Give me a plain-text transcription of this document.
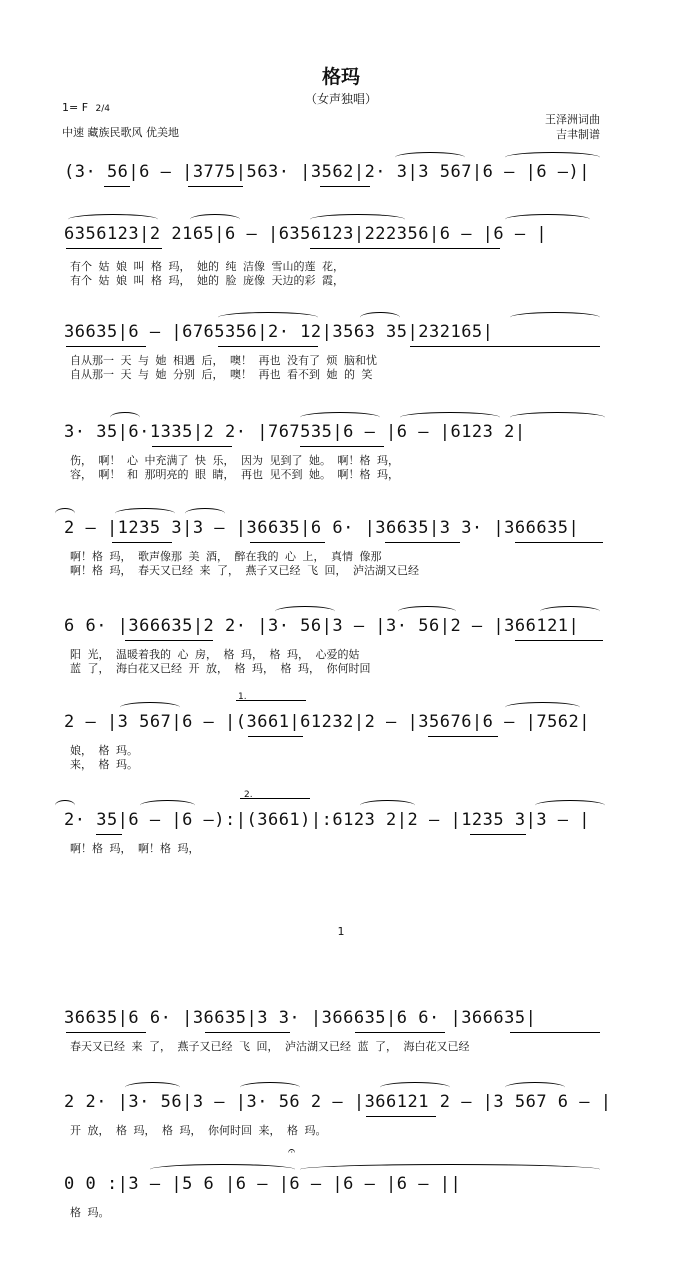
格玛
（女声独唱）
1= F 2/4
中速 藏族民歌风 优美地
王泽洲词曲
吉聿制谱
(3· 56|6 — |3775|563· |3562|2· 3|3 567|6 — |6 —)|
6356123|2 2165|6 — |6356123|222356|6 — |6 — |
有个 姑 娘 叫 格 玛， 她的 纯 洁像 雪山的莲 花，
有个 姑 娘 叫 格 玛， 她的 脸 庞像 天边的彩 霞，
36635|6 — |6765356|2· 12|3563 35|232165|
自从那一 天 与 她 相遇 后， 噢！ 再也 没有了 烦 脑和忧
自从那一 天 与 她 分别 后， 噢！ 再也 看不到 她 的 笑
3· 35|6·1335|2 2· |767535|6 — |6 — |6123 2|
伤， 啊！ 心 中充满了 快 乐， 因为 见到了 她。 啊！格 玛，
容， 啊！ 和 那明亮的 眼 睛， 再也 见不到 她。 啊！格 玛，
2 — |1235 3|3 — |36635|6 6· |36635|3 3· |366635|
啊！格 玛， 歌声像那 美 酒， 醉在我的 心 上， 真情 像那
啊！格 玛， 春天又已经 来 了， 燕子又已经 飞 回， 泸沽湖又已经
6 6· |366635|2 2· |3· 56|3 — |3· 56|2 — |366121|
阳 光， 温暖着我的 心 房， 格 玛， 格 玛， 心爱的姑
蓝 了， 海白花又已经 开 放， 格 玛， 格 玛， 你何时回
1.
2 — |3 567|6 — |(3661|61232|2 — |35676|6 — |7562|
娘， 格 玛。
来， 格 玛。
2.
2· 35|6 — |6 —):|(3661)|:6123 2|2 — |1235 3|3 — |
啊！格 玛， 啊！格 玛，
1
36635|6 6· |36635|3 3· |366635|6 6· |366635|
春天又已经 来 了， 燕子又已经 飞 回， 泸沽湖又已经 蓝 了， 海白花又已经
2 2· |3· 56|3 — |3· 56 2 — |366121 2 — |3 567 6 — |
开 放， 格 玛， 格 玛， 你何时回 来， 格 玛。
𝄐
0 0 :|3 — |5 6 |6 — |6 — |6 — |6 — ||
格 玛。
